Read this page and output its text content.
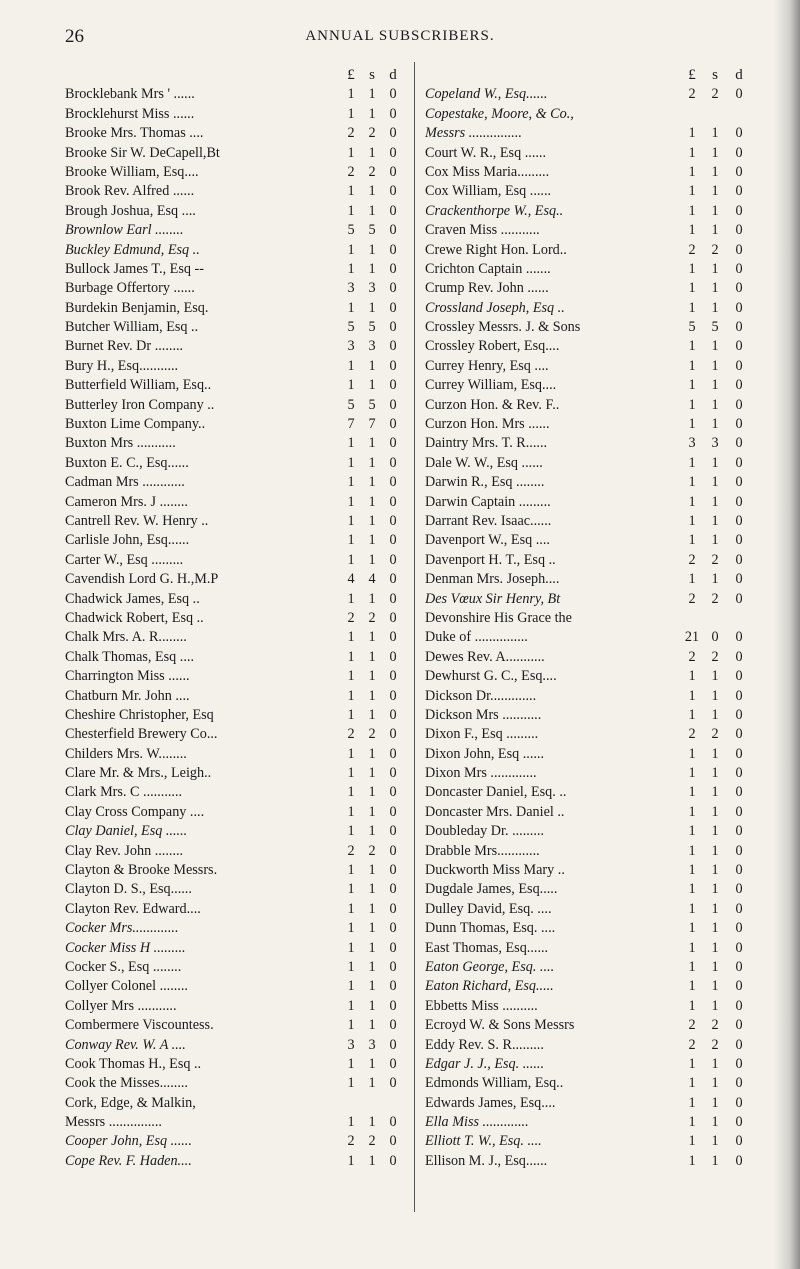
26	ANNUAL SUBSCRIBERS.
£ s d
Brocklebank Mrs ' ......	1 1 0
Brocklehurst Miss ......	1 1 0
Brooke Mrs. Thomas ....	2 2 0
Brooke Sir W. DeCapell,Bt	1 1 0
Brooke William, Esq....	2 2 0
Brook Rev. Alfred ......	1 1 0
Brough Joshua, Esq ....	1 1 0
Brownlow Earl ........	5 5 0
Buckley Edmund, Esq ..	1 1 0
Bullock James T., Esq --	1 1 0
Burbage Offertory ......	3 3 0
Burdekin Benjamin, Esq.	1 1 0
Butcher William, Esq ..	5 5 0
Burnet Rev. Dr ........	3 3 0
Bury H., Esq...........	1 1 0
Butterfield William, Esq..	1 1 0
Butterley Iron Company ..	5 5 0
Buxton Lime Company..	7 7 0
Buxton Mrs ...........	1 1 0
Buxton E. C., Esq......	1 1 0
Cadman Mrs ............	1 1 0
Cameron Mrs. J ........	1 1 0
Cantrell Rev. W. Henry ..	1 1 0
Carlisle John, Esq......	1 1 0
Carter W., Esq .........	1 1 0
Cavendish Lord G. H.,M.P	4 4 0
Chadwick James, Esq ..	1 1 0
Chadwick Robert, Esq ..	2 2 0
Chalk Mrs. A. R........	1 1 0
Chalk Thomas, Esq ....	1 1 0
Charrington Miss ......	1 1 0
Chatburn Mr. John ....	1 1 0
Cheshire Christopher, Esq	1 1 0
Chesterfield Brewery Co...	2 2 0
Childers Mrs. W........	1 1 0
Clare Mr. & Mrs., Leigh..	1 1 0
Clark Mrs. C ...........	1 1 0
Clay Cross Company ....	1 1 0
Clay Daniel, Esq ......	1 1 0
Clay Rev. John ........	2 2 0
Clayton & Brooke Messrs.	1 1 0
Clayton D. S., Esq......	1 1 0
Clayton Rev. Edward....	1 1 0
Cocker Mrs.............	1 1 0
Cocker Miss H .........	1 1 0
Cocker S., Esq ........	1 1 0
Collyer Colonel ........	1 1 0
Collyer Mrs ...........	1 1 0
Combermere Viscountess.	1 1 0
Conway Rev. W. A ....	3 3 0
Cook Thomas H., Esq ..	1 1 0
Cook the Misses........	1 1 0
Cork, Edge, & Malkin,
Messrs ...............	1 1 0
Cooper John, Esq ......	2 2 0
Cope Rev. F. Haden....	1 1 0
£	s	d
Copeland W., Esq......	2	2	0
Copestake, Moore, & Co.,
Messrs ...............	1	1	0
Court W. R., Esq ......	1	1	0
Cox Miss Maria.........	1	1	0
Cox William, Esq ......	1	1	0
Crackenthorpe W., Esq..	1	1	0
Craven Miss ...........	1	1	0
Crewe Right Hon. Lord..	2	2	0
Crichton Captain .......	1	1	0
Crump Rev. John ......	1	1	0
Crossland Joseph, Esq ..	1	1	0
Crossley Messrs. J. & Sons	5	5	0
Crossley Robert, Esq....	1	1	0
Currey Henry, Esq ....	1	1	0
Currey William, Esq....	1	1	0
Curzon Hon. & Rev. F..	1	1	0
Curzon Hon. Mrs ......	1	1	0
Daintry Mrs. T. R......	3	3	0
Dale W. W., Esq ......	1	1	0
Darwin R., Esq ........	1	1	0
Darwin Captain .........	1	1	0
Darrant Rev. Isaac......	1	1	0
Davenport W., Esq ....	1	1	0
Davenport H. T., Esq ..	2	2	0
Denman Mrs. Joseph....	1	1	0
Des Vœux Sir Henry, Bt	2	2	0
Devonshire His Grace the
Duke of ...............	21 0	0
Dewes Rev. A...........	2	2	0
Dewhurst G. C., Esq....	1	1	0
Dickson Dr.............	1	1	0
Dickson Mrs ...........	1	1	0
Dixon F., Esq .........	2	2	0
Dixon John, Esq ......	1	1	0
Dixon Mrs .............	1	1	0
Doncaster Daniel, Esq. ..	1	1	0
Doncaster Mrs. Daniel ..	1	1	0
Doubleday Dr. .........	1	1	0
Drabble Mrs............	1	1	0
Duckworth Miss Mary ..	1	1	0
Dugdale James, Esq.....	1	1	0
Dulley David, Esq. ....	1	1	0
Dunn Thomas, Esq. ....	1	1	0
East Thomas, Esq......	1	1	0
Eaton George, Esq. ....	1	1	0
Eaton Richard, Esq.....	1	1	0
Ebbetts Miss ..........	1	1	0
Ecroyd W. & Sons Messrs	2	2	0
Eddy Rev. S. R.........	2	2	0
Edgar J. J., Esq. ......	1	1	0
Edmonds William, Esq..	1	1	0
Edwards James, Esq....	1	1	0
Ella Miss .............	1	1	0
Elliott T. W., Esq. ....	1	1	0
Ellison M. J., Esq......	1	1	0
